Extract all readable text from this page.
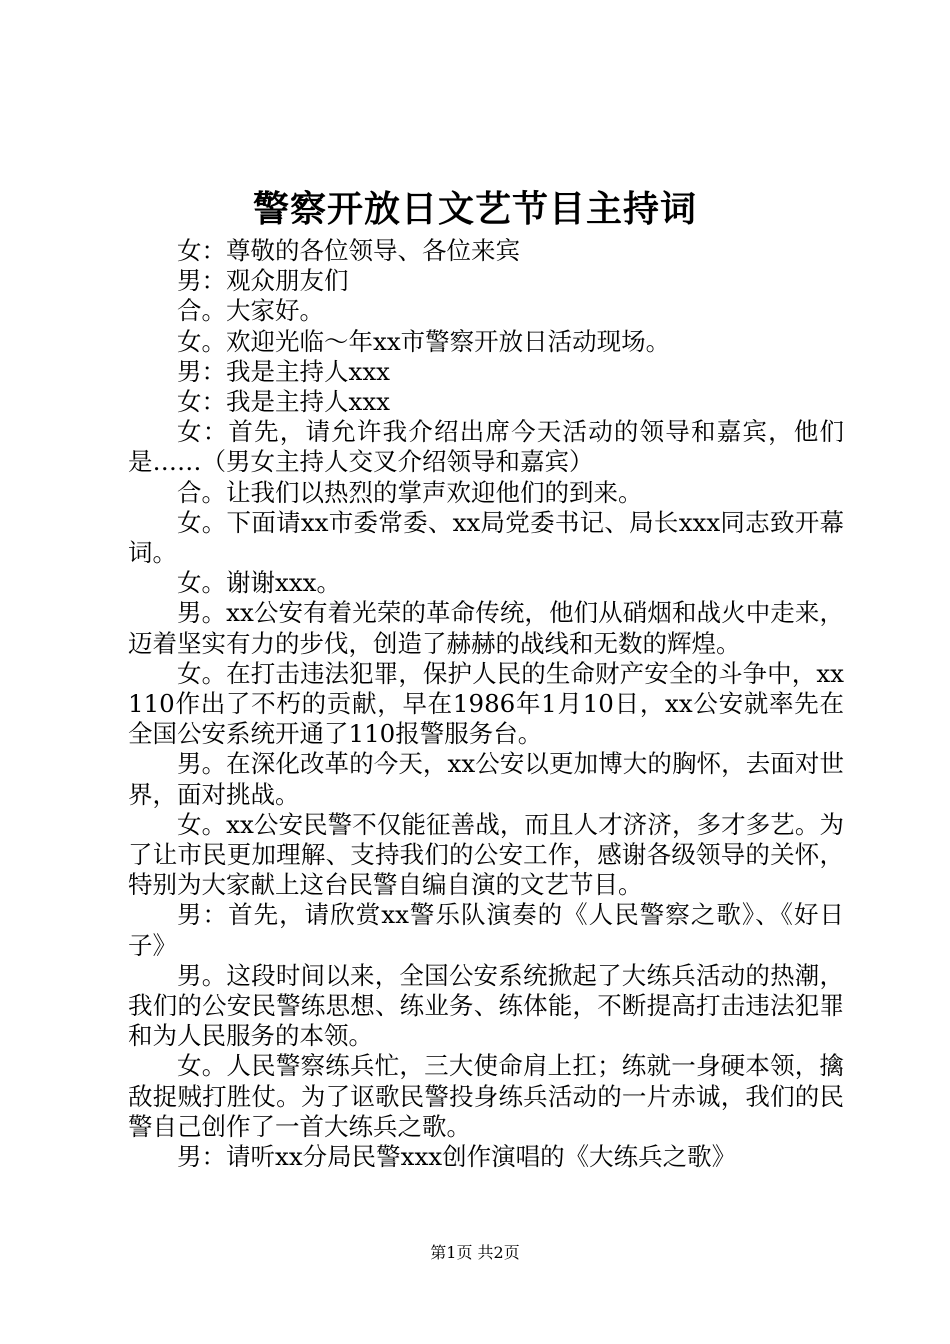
警察开放日文艺节目主持词

女：尊敬的各位领导、各位来宾

男：观众朋友们

合。大家好。

女。欢迎光临～年xx市警察开放日活动现场。

男：我是主持人xxx

女：我是主持人xxx

女：首先，请允许我介绍出席今天活动的领导和嘉宾，他们是……（男女主持人交叉介绍领导和嘉宾）

合。让我们以热烈的掌声欢迎他们的到来。

女。下面请xx市委常委、xx局党委书记、局长xxx同志致开幕词。

女。谢谢xxx。

男。xx公安有着光荣的革命传统，他们从硝烟和战火中走来，迈着坚实有力的步伐，创造了赫赫的战线和无数的辉煌。

女。在打击违法犯罪，保护人民的生命财产安全的斗争中，xx110作出了不朽的贡献，早在1986年1月10日，xx公安就率先在全国公安系统开通了110报警服务台。

男。在深化改革的今天，xx公安以更加博大的胸怀，去面对世界，面对挑战。

女。xx公安民警不仅能征善战，而且人才济济，多才多艺。为了让市民更加理解、支持我们的公安工作，感谢各级领导的关怀，特别为大家献上这台民警自编自演的文艺节目。

男：首先，请欣赏xx警乐队演奏的《人民警察之歌》、《好日子》

男。这段时间以来，全国公安系统掀起了大练兵活动的热潮，我们的公安民警练思想、练业务、练体能，不断提高打击违法犯罪和为人民服务的本领。

女。人民警察练兵忙，三大使命肩上扛；练就一身硬本领，擒敌捉贼打胜仗。为了讴歌民警投身练兵活动的一片赤诚，我们的民警自己创作了一首大练兵之歌。

男：请听xx分局民警xxx创作演唱的《大练兵之歌》

第1页 共2页
